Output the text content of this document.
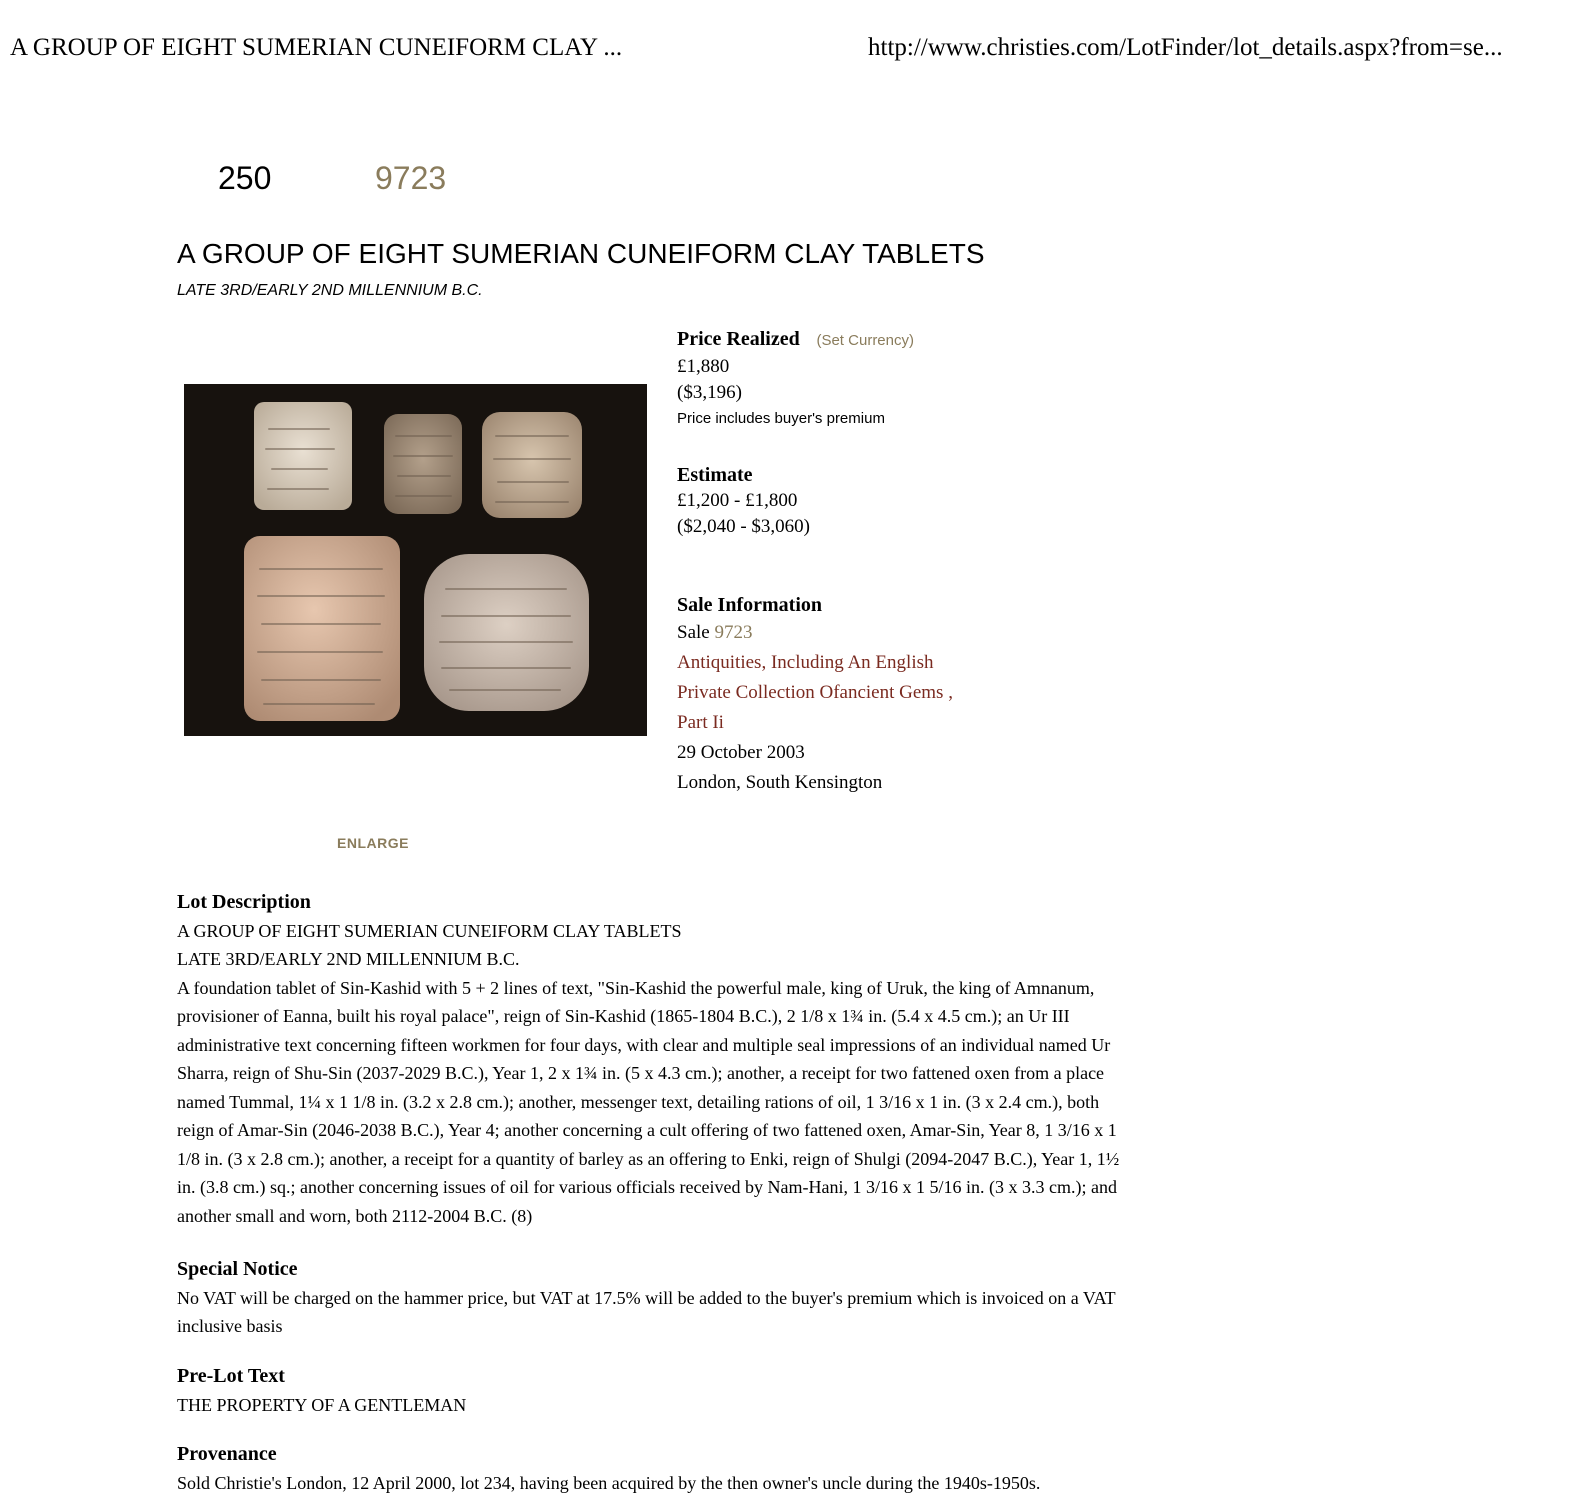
A GROUP OF EIGHT SUMERIAN CUNEIFORM CLAY ...	http://www.christies.com/LotFinder/lot_details.aspx?from=se...
250	9723
A GROUP OF EIGHT SUMERIAN CUNEIFORM CLAY TABLETS
LATE 3RD/EARLY 2ND MILLENNIUM B.C.
ENLARGE
Price Realized (Set Currency)
£1,880
($3,196)
Price includes buyer's premium
Estimate
£1,200 - £1,800
($2,040 - $3,060)
Sale Information
Sale 9723
Antiquities, Including An English
Private Collection Ofancient Gems ,
Part Ii
29 October 2003
London, South Kensington
Lot Description
A GROUP OF EIGHT SUMERIAN CUNEIFORM CLAY TABLETS
LATE 3RD/EARLY 2ND MILLENNIUM B.C.
A foundation tablet of Sin-Kashid with 5 + 2 lines of text, "Sin-Kashid the powerful male, king of Uruk, the king of Amnanum,
provisioner of Eanna, built his royal palace", reign of Sin-Kashid (1865-1804 B.C.), 2 1/8 x 1¾ in. (5.4 x 4.5 cm.); an Ur III
administrative text concerning fifteen workmen for four days, with clear and multiple seal impressions of an individual named Ur
Sharra, reign of Shu-Sin (2037-2029 B.C.), Year 1, 2 x 1¾ in. (5 x 4.3 cm.); another, a receipt for two fattened oxen from a place
named Tummal, 1¼ x 1 1/8 in. (3.2 x 2.8 cm.); another, messenger text, detailing rations of oil, 1 3/16 x 1 in. (3 x 2.4 cm.), both
reign of Amar-Sin (2046-2038 B.C.), Year 4; another concerning a cult offering of two fattened oxen, Amar-Sin, Year 8, 1 3/16 x 1
1/8 in. (3 x 2.8 cm.); another, a receipt for a quantity of barley as an offering to Enki, reign of Shulgi (2094-2047 B.C.), Year 1, 1½
in. (3.8 cm.) sq.; another concerning issues of oil for various officials received by Nam-Hani, 1 3/16 x 1 5/16 in. (3 x 3.3 cm.); and
another small and worn, both 2112-2004 B.C. (8)
Special Notice
No VAT will be charged on the hammer price, but VAT at 17.5% will be added to the buyer's premium which is invoiced on a VAT
inclusive basis
Pre-Lot Text
THE PROPERTY OF A GENTLEMAN
Provenance
Sold Christie's London, 12 April 2000, lot 234, having been acquired by the then owner's uncle during the 1940s-1950s.
